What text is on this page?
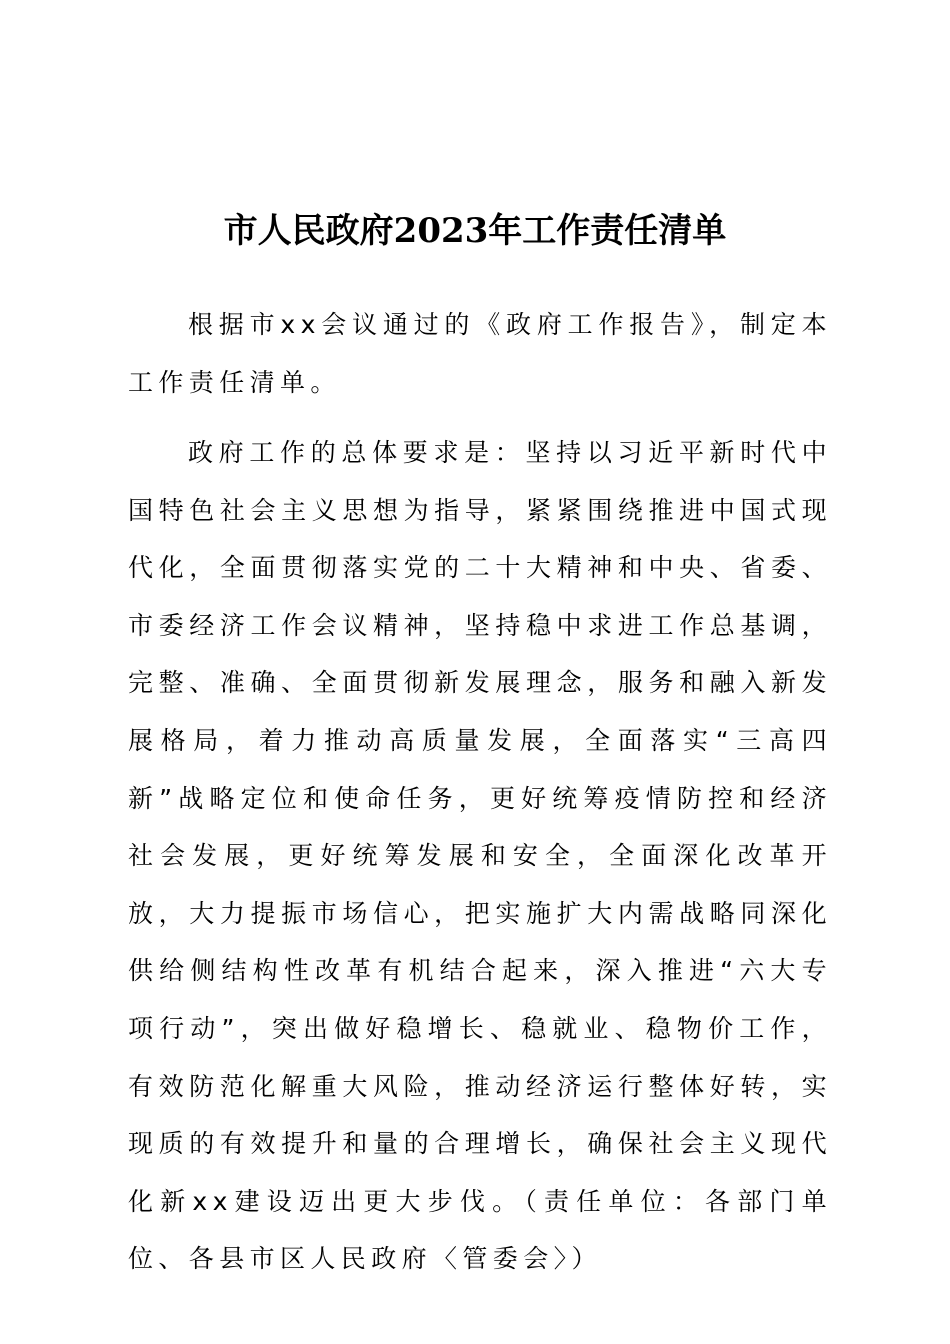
市人民政府2023年工作责任清单

根据市xx会议通过的《政府工作报告》，制定本工作责任清单。

政府工作的总体要求是：坚持以习近平新时代中国特色社会主义思想为指导，紧紧围绕推进中国式现代化，全面贯彻落实党的二十大精神和中央、省委、市委经济工作会议精神，坚持稳中求进工作总基调，完整、准确、全面贯彻新发展理念，服务和融入新发展格局，着力推动高质量发展，全面落实“三高四新”战略定位和使命任务，更好统筹疫情防控和经济社会发展，更好统筹发展和安全，全面深化改革开放，大力提振市场信心，把实施扩大内需战略同深化供给侧结构性改革有机结合起来，深入推进“六大专项行动”，突出做好稳增长、稳就业、稳物价工作，有效防范化解重大风险，推动经济运行整体好转，实现质的有效提升和量的合理增长，确保社会主义现代化新xx建设迈出更大步伐。（责任单位：各部门单位、各县市区人民政府〈管委会〉）
